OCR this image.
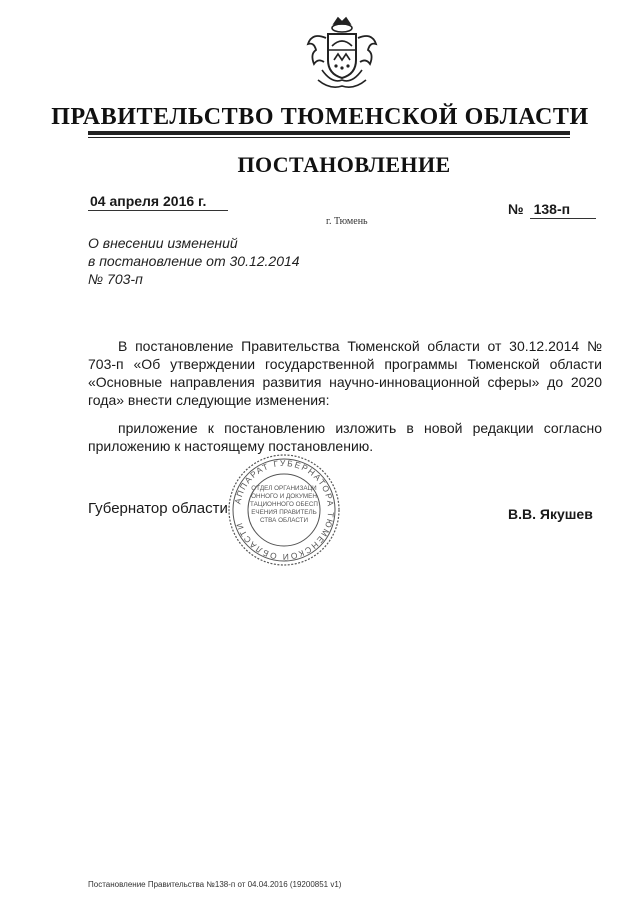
ПРАВИТЕЛЬСТВО ТЮМЕНСКОЙ ОБЛАСТИ
ПОСТАНОВЛЕНИЕ
04 апреля 2016 г.	№ 138-п
г. Тюмень
О внесении изменений
в постановление от 30.12.2014
№ 703-п

В постановление Правительства Тюменской области от 30.12.2014 № 703-п «Об утверждении государственной программы Тюменской области «Основные направления развития научно-инновационной сферы» до 2020 года» внести следующие изменения:

приложение к постановлению изложить в новой редакции согласно приложению к настоящему постановлению.

Губернатор области	В.В. Якушев
АППАРАТ ГУБЕРНАТОРА ТЮМЕНСКОЙ ОБЛАСТИ
ОТДЕЛ ОРГАНИЗАЦИОННОГО И ДОКУМЕНТАЦИОННОГО ОБЕСПЕЧЕНИЯ ПРАВИТЕЛЬСТВА ОБЛАСТИ
Постановление Правительства №138-п от 04.04.2016 (19200851 v1)
